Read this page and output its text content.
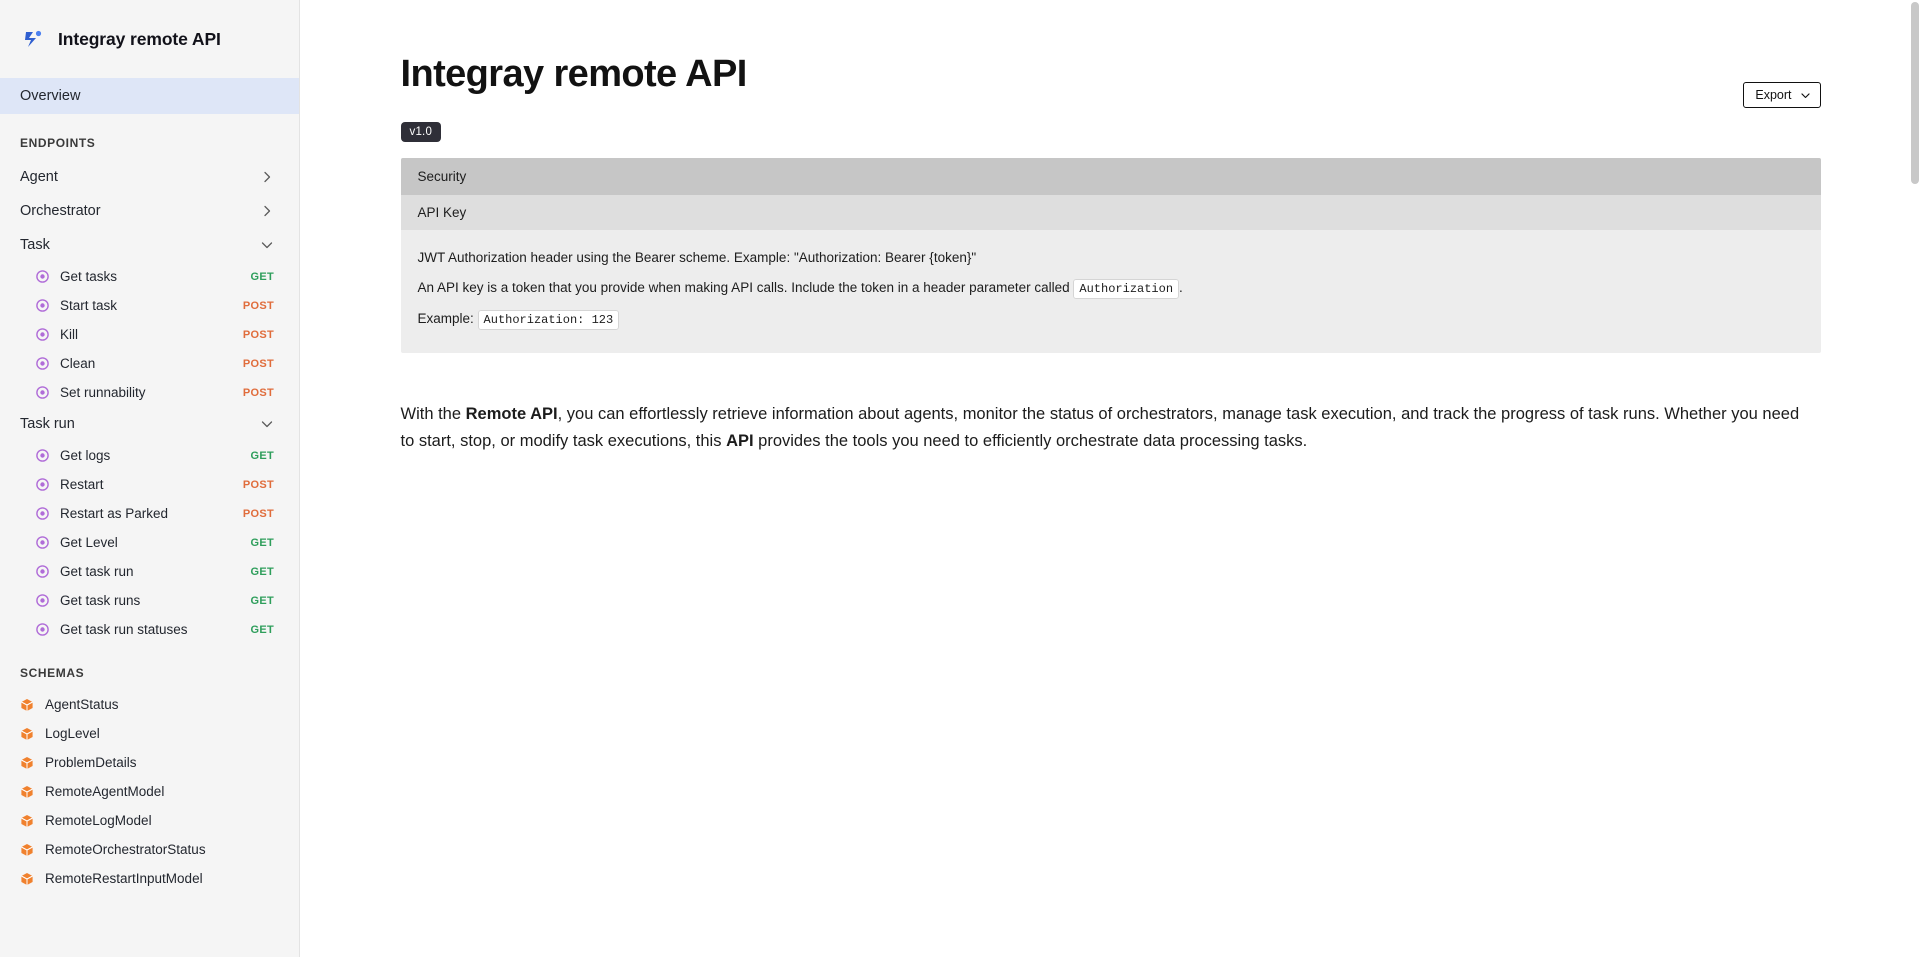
Integray remote API
Overview
ENDPOINTS
Agent
Orchestrator
Task
Get tasks	GET
Start task	POST
Kill	POST
Clean	POST
Set runnability	POST
Task run
Get logs	GET
Restart	POST
Restart as Parked	POST
Get Level	GET
Get task run	GET
Get task runs	GET
Get task run statuses	GET
SCHEMAS
AgentStatus
LogLevel
ProblemDetails
RemoteAgentModel
RemoteLogModel
RemoteOrchestratorStatus
RemoteRestartInputModel
Integray remote API	Export
v1.0
Security
API Key

JWT Authorization header using the Bearer scheme. Example: "Authorization: Bearer {token}"

An API key is a token that you provide when making API calls. Include the token in a header parameter called Authorization .

Example: Authorization: 123

With the Remote API, you can effortlessly retrieve information about agents, monitor the status of orchestrators, manage task execution, and track the progress of task runs. Whether you need to start, stop, or modify task executions, this API provides the tools you need to efficiently orchestrate data processing tasks.
